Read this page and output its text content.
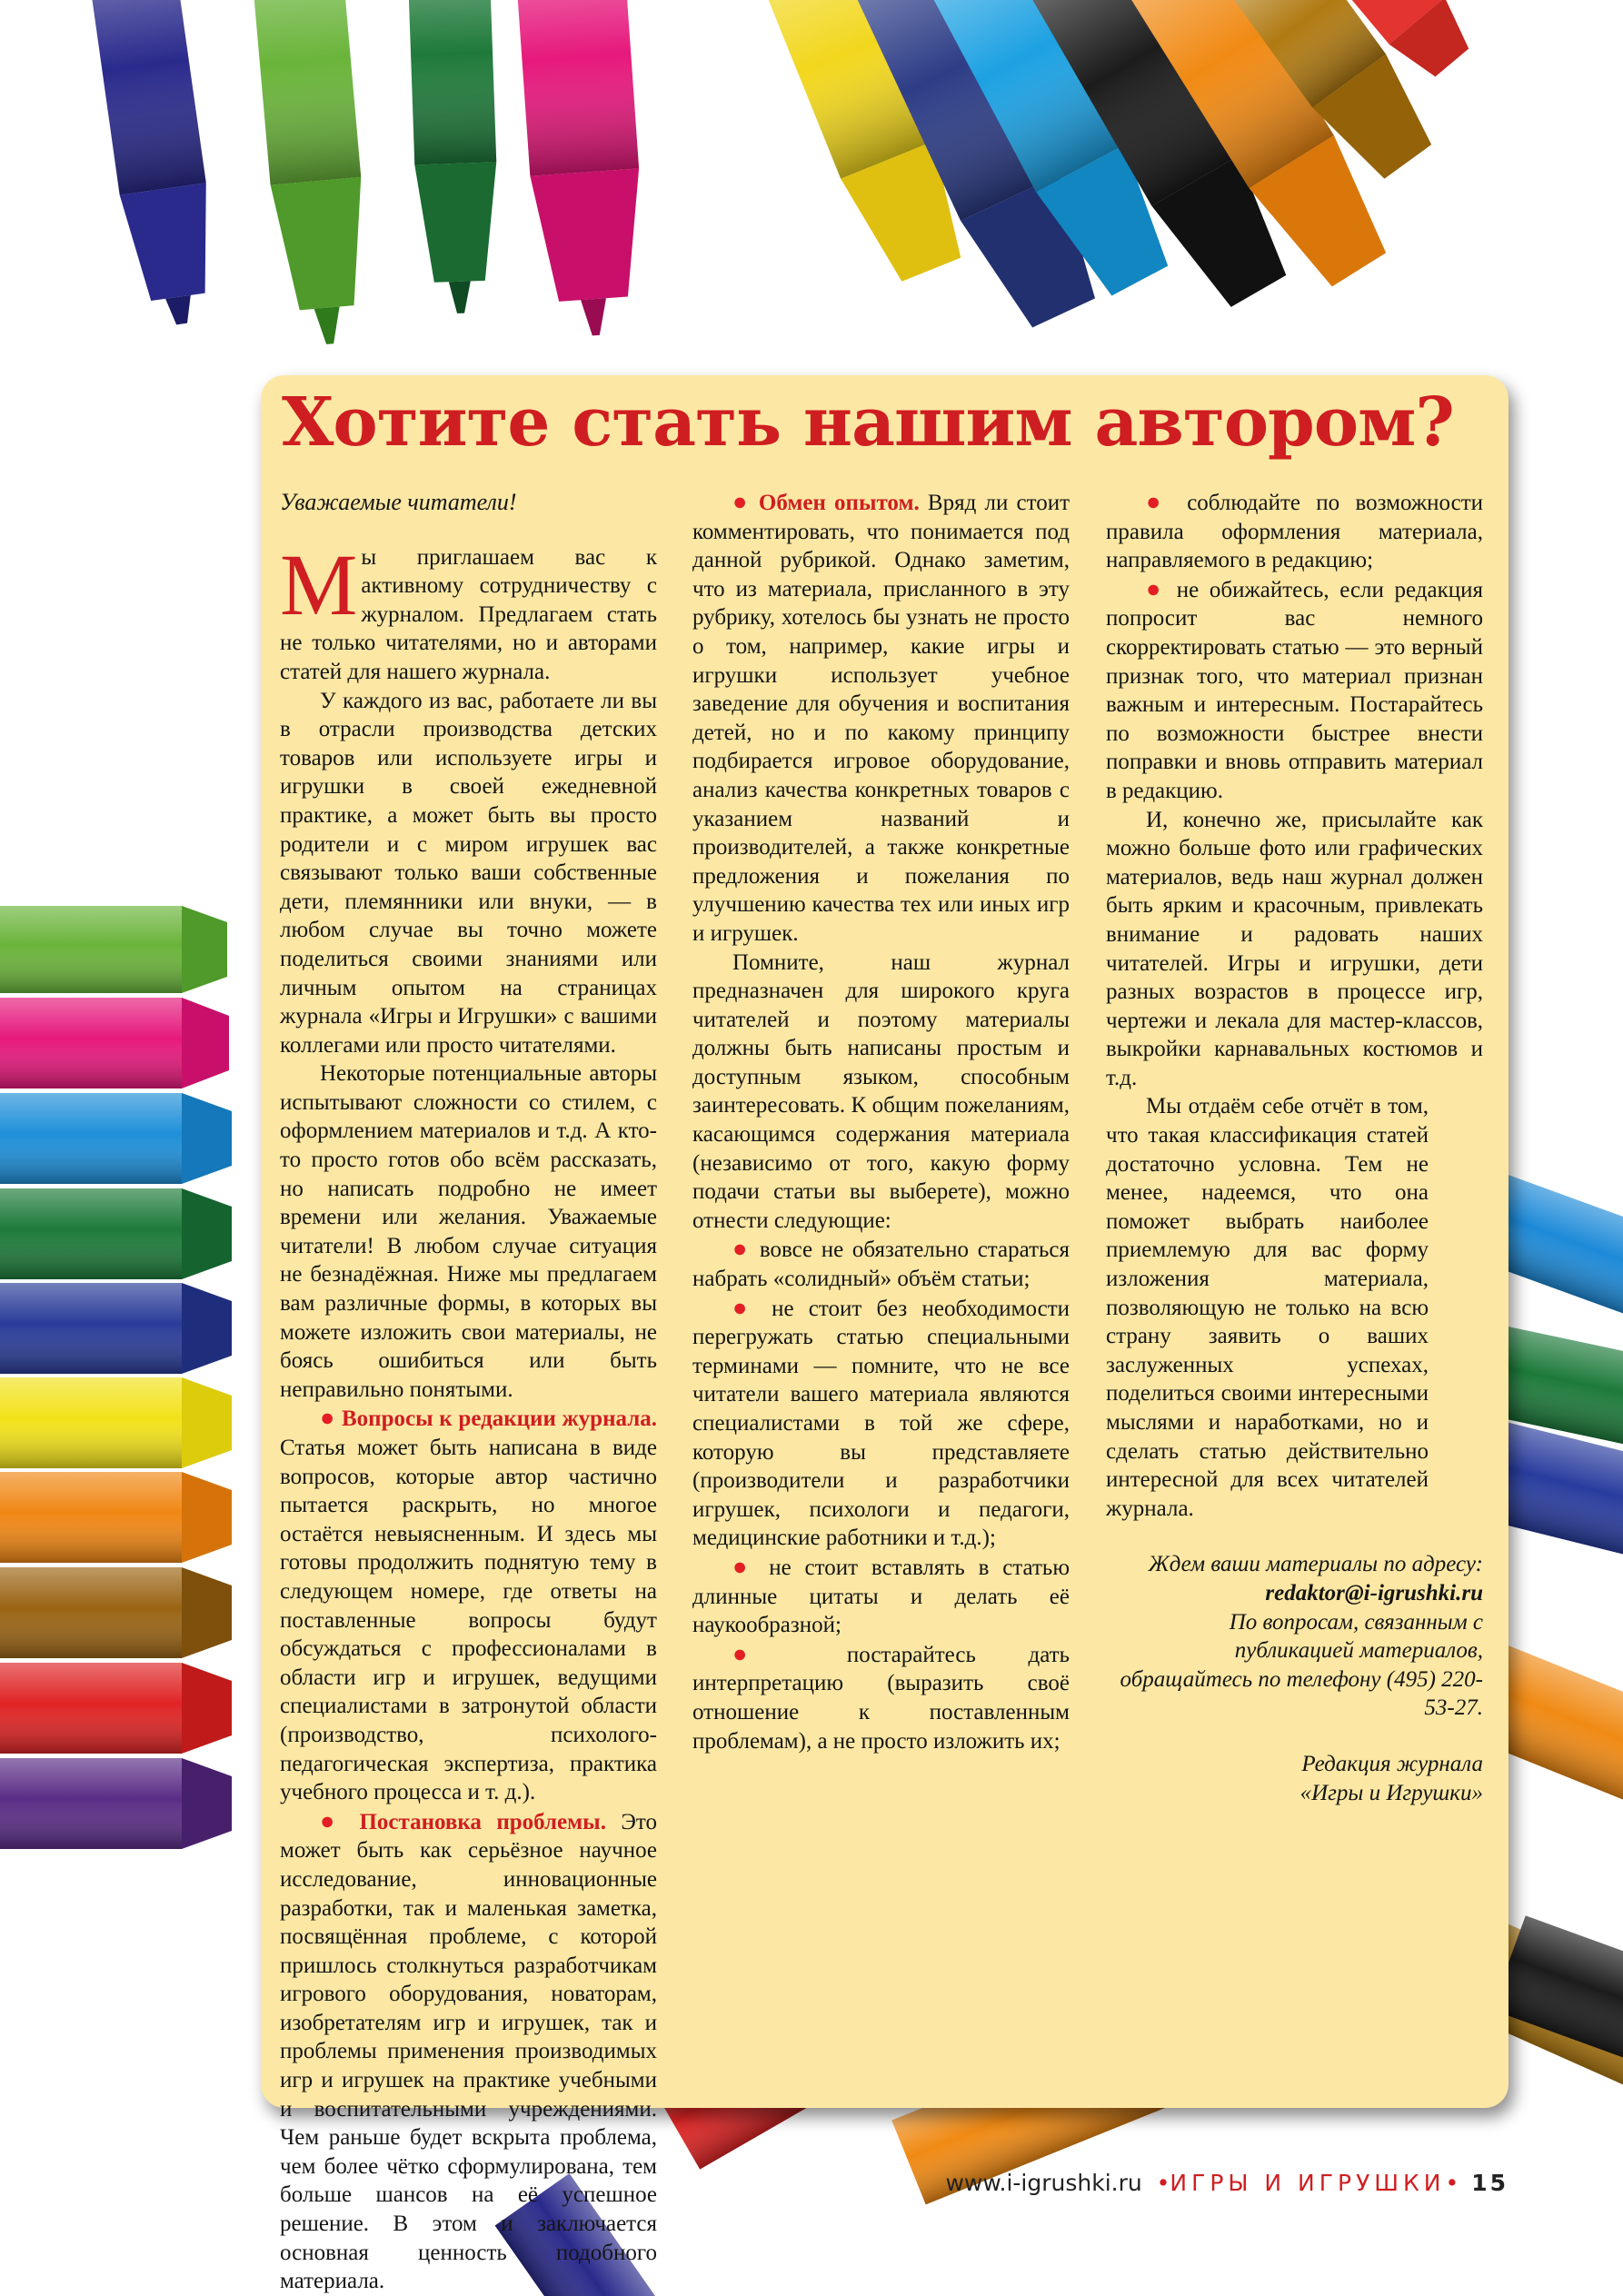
Хотите стать нашим автором?

Уважаемые читатели!

Мы приглашаем вас к активному сотрудничеству с журналом. Предлагаем стать не только читателями, но и авторами статей для нашего журнала.

У каждого из вас, работаете ли вы в отрасли производства детских товаров или используете игры и игрушки в своей ежедневной практике, а может быть вы просто родители и с миром игрушек вас связывают только ваши собственные дети, племянники или внуки, — в любом случае вы точно можете поделиться своими знаниями или личным опытом на страницах журнала «Игры и Игрушки» с вашими коллегами или просто читателями.

Некоторые потенциальные авторы испытывают сложности со стилем, с оформлением материалов и т.д. А кто-то просто готов обо всём рассказать, но написать подробно не имеет времени или желания. Уважаемые читатели! В любом случае ситуация не безнадёжная. Ниже мы предлагаем вам различные формы, в которых вы можете изложить свои материалы, не боясь ошибиться или быть неправильно понятыми.

● Вопросы к редакции журнала. Статья может быть написана в виде вопросов, которые автор частично пытается раскрыть, но многое остаётся невыясненным. И здесь мы готовы продолжить поднятую тему в следующем номере, где ответы на поставленные вопросы будут обсуждаться с профессионалами в области игр и игрушек, ведущими специалистами в затронутой области (производство, психолого-педагогическая экспертиза, практика учебного процесса и т. д.).

● Постановка проблемы. Это может быть как серьёзное научное исследование, инновационные разработки, так и маленькая заметка, посвящённая проблеме, с которой пришлось столкнуться разработчикам игрового оборудования, новаторам, изобретателям игр и игрушек, так и проблемы применения производимых игр и игрушек на практике учебными и воспитательными учреждениями. Чем раньше будет вскрыта проблема, чем более чётко сформулирована, тем больше шансов на её успешное решение. В этом и заключается основная ценность подобного материала.

● Обмен опытом. Вряд ли стоит комментировать, что понимается под данной рубрикой. Однако заметим, что из материала, присланного в эту рубрику, хотелось бы узнать не просто о том, например, какие игры и игрушки использует учебное заведение для обучения и воспитания детей, но и по какому принципу подбирается игровое оборудование, анализ качества конкретных товаров с указанием названий и производителей, а также конкретные предложения и пожелания по улучшению качества тех или иных игр и игрушек.

Помните, наш журнал предназначен для широкого круга читателей и поэтому материалы должны быть написаны простым и доступным языком, способным заинтересовать. К общим пожеланиям, касающимся содержания материала (независимо от того, какую форму подачи статьи вы выберете), можно отнести следующие:

● вовсе не обязательно стараться набрать «солидный» объём статьи;

● не стоит без необходимости перегружать статью специальными терминами — помните, что не все читатели вашего материала являются специалистами в той же сфере, которую вы представляете (производители и разработчики игрушек, психологи и педагоги, медицинские работники и т.д.);

● не стоит вставлять в статью длинные цитаты и делать её наукообразной;

● постарайтесь дать интерпретацию (выразить своё отношение к поставленным проблемам), а не просто изложить их;

● соблюдайте по возможности правила оформления материала, направляемого в редакцию;

● не обижайтесь, если редакция попросит вас немного скорректировать статью — это верный признак того, что материал признан важным и интересным. Постарайтесь по возможности быстрее внести поправки и вновь отправить материал в редакцию.

И, конечно же, присылайте как можно больше фото или графических материалов, ведь наш журнал должен быть ярким и красочным, привлекать внимание и радовать наших читателей. Игры и игрушки, дети разных возрастов в процессе игр, чертежи и лекала для мастер-классов, выкройки карнавальных костюмов и т.д.

Мы отдаём себе отчёт в том, что такая классификация статей достаточно условна. Тем не менее, надеемся, что она поможет выбрать наиболее приемлемую для вас форму изложения материала, позволяющую не только на всю страну заявить о ваших заслуженных успехах, поделиться своими интересными мыслями и наработками, но и сделать статью действительно интересной для всех читателей журнала.

Ждем ваши материалы по адресу: redaktor@i-igrushki.ru
По вопросам, связанным с публикацией материалов, обращайтесь по телефону (495) 220-53-27.

Редакция журнала
«Игры и Игрушки»

www.i-igrushki.ru  •ИГРЫ И ИГРУШКИ• 15
